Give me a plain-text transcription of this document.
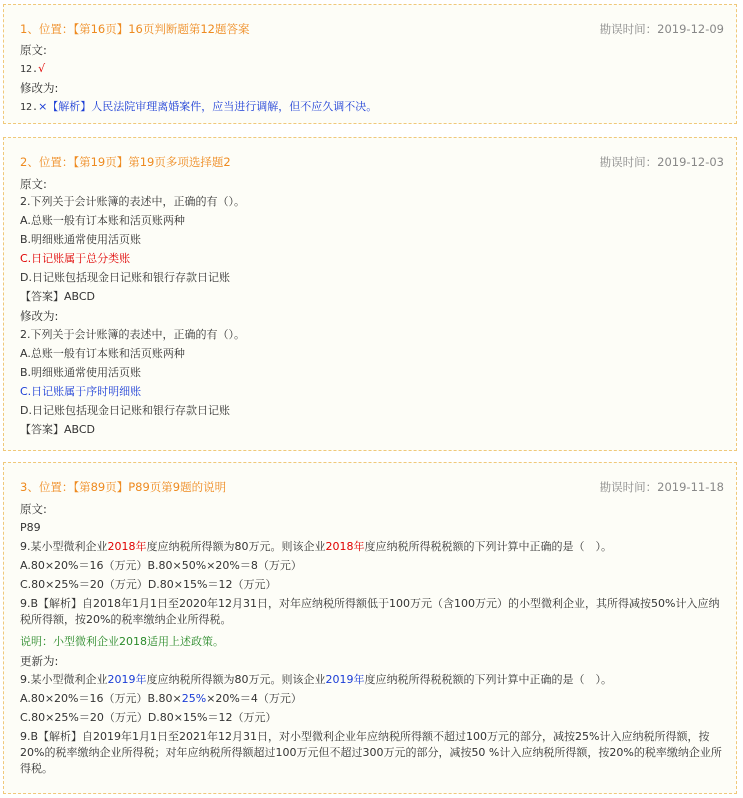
1、位置：【第16页】16页判断题第12题答案	勘误时间：2019-12-09
原文:
12.√
修改为:
12.×【解析】人民法院审理离婚案件，应当进行调解，但不应久调不决。
2、位置：【第19页】第19页多项选择题2	勘误时间：2019-12-03
原文:
2.下列关于会计账簿的表述中，正确的有（）。
A.总账一般有订本账和活页账两种
B.明细账通常使用活页账
C.日记账属于总分类账
D.日记账包括现金日记账和银行存款日记账
【答案】ABCD
修改为:
2.下列关于会计账簿的表述中，正确的有（）。
A.总账一般有订本账和活页账两种
B.明细账通常使用活页账
C.日记账属于序时明细账
D.日记账包括现金日记账和银行存款日记账
【答案】ABCD
3、位置：【第89页】P89页第9题的说明	勘误时间：2019-11-18
原文:
P89
9.某小型微利企业2018年度应纳税所得额为80万元。则该企业2018年度应纳税所得税税额的下列计算中正确的是（　）。
A.80×20%＝16（万元）B.80×50%×20%＝8（万元）
C.80×25%＝20（万元）D.80×15%＝12（万元）
9.B【解析】自2018年1月1日至2020年12月31日，对年应纳税所得额低于100万元（含100万元）的小型微利企业，其所得减按50%计入应纳税所得额，按20%的税率缴纳企业所得税。
说明：小型微利企业2018适用上述政策。
更新为:
9.某小型微利企业2019年度应纳税所得额为80万元。则该企业2019年度应纳税所得税税额的下列计算中正确的是（　）。
A.80×20%＝16（万元）B.80×25%×20%＝4（万元）
C.80×25%＝20（万元）D.80×15%＝12（万元）
9.B【解析】自2019年1月1日至2021年12月31日，对小型微利企业年应纳税所得额不超过100万元的部分，减按25%计入应纳税所得额，按20%的税率缴纳企业所得税；对年应纳税所得额超过100万元但不超过300万元的部分，减按50 %计入应纳税所得额，按20%的税率缴纳企业所得税。
